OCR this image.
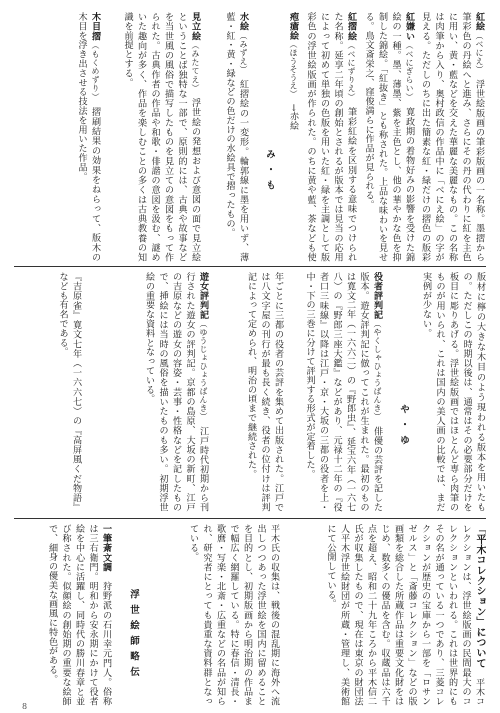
紅絵（べにえ）　浮世絵版画の筆彩版画の一名称。墨摺から筆彩色の丹絵へと進み、さらにその丹の代わりに紅を主色に用い、黄・藍などを交えた華麗な美麗なもの。この名称は肉筆から入り、奥村政信の作品中に「べにえ絵」の字が見える。ただしのちに出た簡素な紅・緑だけの摺色の版彩
紅嫌い（べにぎらい）　寛政期の着物好みの影響を受けた錦絵の一種。墨、薄墨、紫を主色とし、他の華やかな色を抑制した錦絵。「紅抜き」とも称された。上品な味わいを見せる。鳥文斎栄之、窪俊満らに作品が見られる。
紅摺絵（べにずりえ）　筆彩紅絵を区別する意味でつけられた名称。延享二年頃の創始とされるが版本では見当の応用によって初めて単独の色版を用いた紅・緑を主調として版彩色の浮世絵版画が作られた。のちに黄や藍、茶なども使
疱瘡絵（ほうそうえ）　→赤絵
み・も
水絵（みずえ）　紅摺絵の一変形。輪郭線に墨を用いず、薄藍・紅・黄・緑などの色だけの水絵具で摺ったもの。
見立絵（みたてえ）　浮世絵の発想および意図の面で見立絵ということば独特な一部で、原則的には、古典や故事などを当世風の風俗で描写したものを見立ての意図をもって作られた。古典作者の作品や和歌・俳諧の意図を汲む、謎めいた趣向が多く、作品を楽しむことの多くは古典教養の知識を前提とする。
木目摺（もくめずり）　摺刷結果の効果をねらって、版木の木目を浮き出させる技法を用いた作品。
版材に檸の大きな木目のよう現われる版本を用いたもの。ただしこの時期以後は、通常はその必要部分だけを板目に彫りあげる。浮世絵版画ではほとんど専ら肉筆のものが用いられ、これは国内の美人画の比較では、まだ実例が少ない。
や・ゆ
役者評判記（やくしゃひょうばんき）　俳優の芸評を記した版本。遊女評判記に倣ってこれが生まれた。最初のものは寛文二年（一六六二）の『野郎虫』、延宝六年（一六七八）の『野郎三座大鑑』などがあり、元禄十二年の『役者口三味線』以降は江戸・京・大坂の三都の役者を上・中・下の三巻に分けて評判する形式が定着した。
年ごとに三都の役者の芸評を集めて出版された。江戸では八文字屋の刊行が最も長く続き、役者の位付けは評判記によって定められ、明治の頃まで継続された。
遊女評判記（ゆうじょひょうばんき）　江戸時代初期から刊行された遊女の評判記。京都の島原、大坂の新町、江戸の吉原などの遊女の容姿・芸事・性格などを記したもので、挿絵には当時の風俗を描いたものも多い。初期浮世絵の重要な資料となっている。
『吉原雀』寛文七年（一六六七）の『高屏風くだ物語』なども有名である。
「平木コレクション」について　平木コレクションは、浮世絵版画の民間最大のコレクションといわれる。これは世界的にもその名が通っている一つであり、三菱コレクションが歴史の宝庫から一部を「ロサンゼルス」と「斎藤コレクション」などの版画類を総合した所蔵作品は重要文化財をはじめ、数多くの優品を含む。収蔵品は六千点を超え、昭和二十九年ころから平木信二氏が収集したもので、現在は東京の財団法人平木浮世絵財団が所蔵・管理し、美術館にて公開している。
平木氏の収集は、戦後の混乱期に海外へ流出しつつあった浮世絵を国内に留めることを目的とし、初期版画から明治期の作品まで幅広く網羅している。特に春信・清長・歌麿・写楽・北斎・広重などの名品が知られ、研究者にとっても貴重な資料群となっている。
浮世絵師略伝
一筆斎文調　狩野派の石川幸元門人。俗称は三右衛門。明和から安永期にかけて役者絵を中心に活躍し、同時代の勝川春章と並び称された。似顔絵の創始期の重要な絵師で、細身の優美な画風に特色がある。
8
